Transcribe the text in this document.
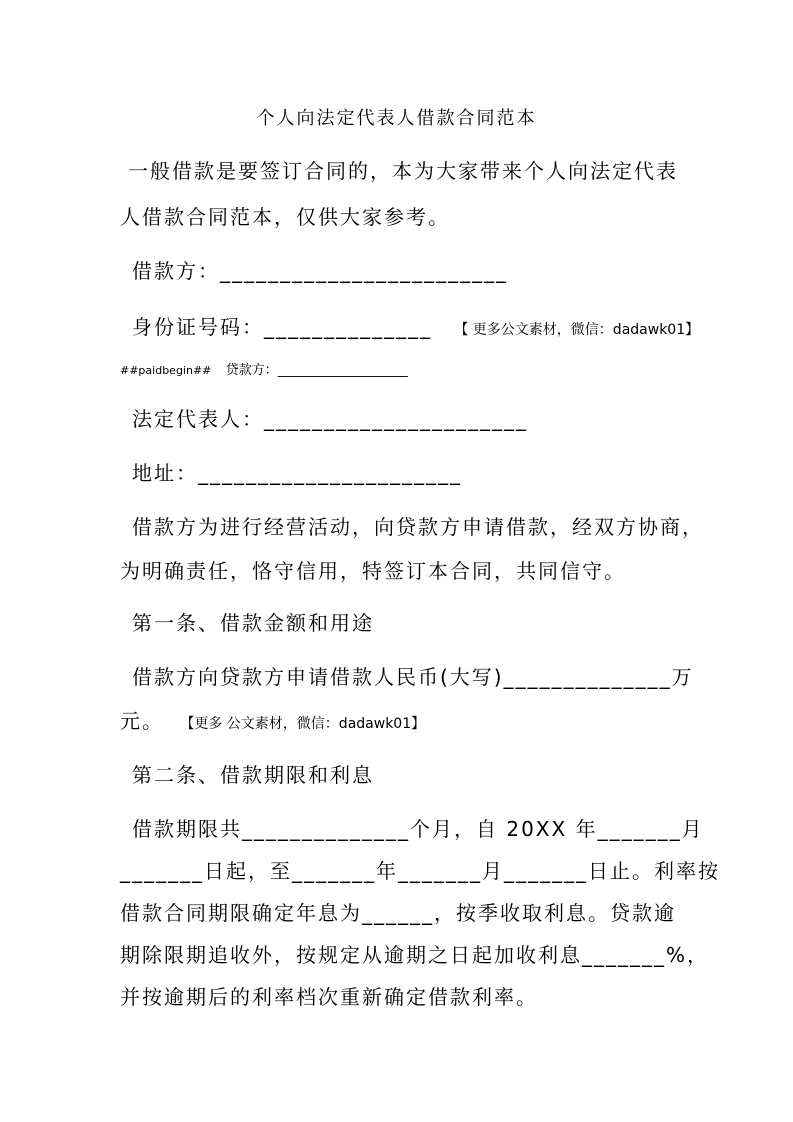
个人向法定代表人借款合同范本
一般借款是要签订合同的，本为大家带来个人向法定代表
人借款合同范本，仅供大家参考。
借款方：________________________
身份证号码：______________ 【 更多公文素材，微信：dadawk01】
##paidbegin## 贷款方：____________________
法定代表人：______________________
地址：______________________
借款方为进行经营活动，向贷款方申请借款，经双方协商，
为明确责任，恪守信用，特签订本合同，共同信守。
第一条、借款金额和用途
借款方向贷款方申请借款人民币(大写)______________万
元。 【更多 公文素材，微信：dadawk01】
第二条、借款期限和利息
借款期限共______________个月，自 20XX 年_______月
_______日起，至_______年_______月_______日止。利率按
借款合同期限确定年息为______，按季收取利息。贷款逾
期除限期追收外，按规定从逾期之日起加收利息_______%，
并按逾期后的利率档次重新确定借款利率。
